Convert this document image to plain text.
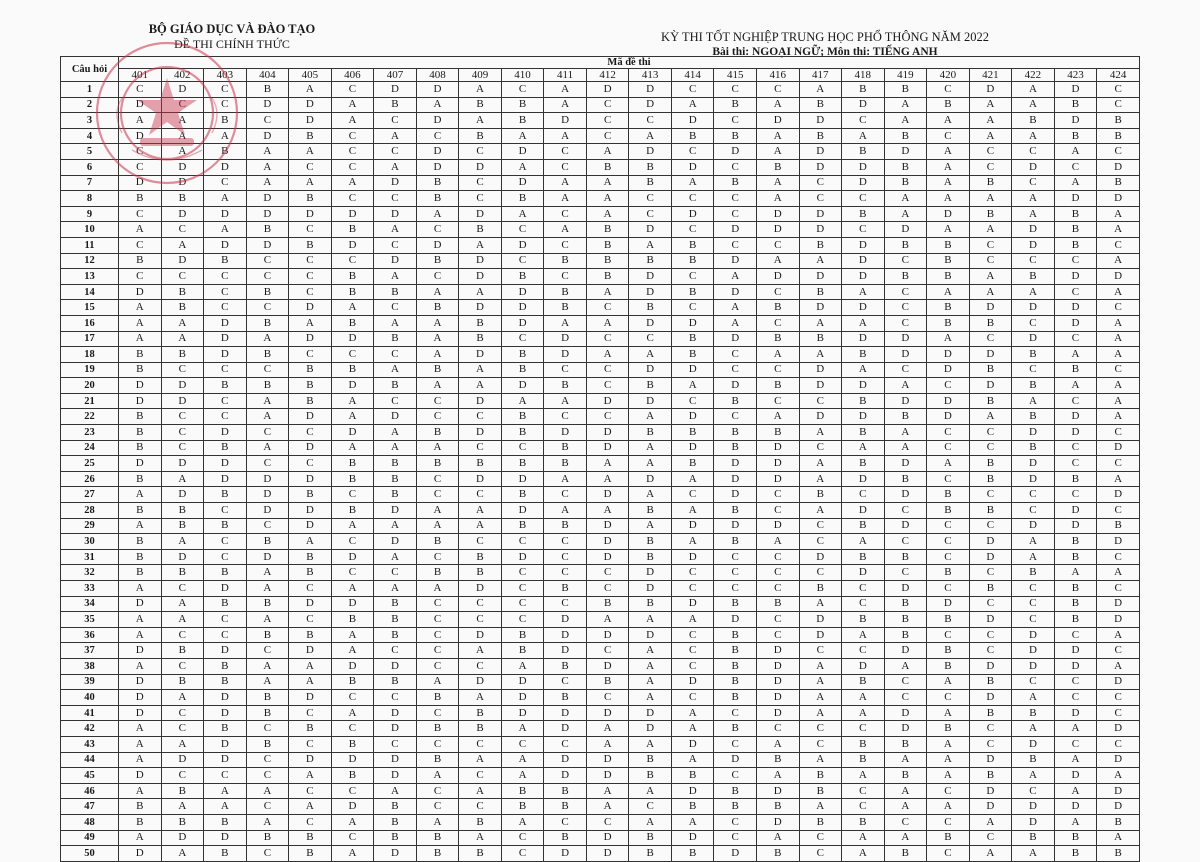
BỘ GIÁO DỤC VÀ ĐÀO TẠO
ĐỀ THI CHÍNH THỨC	KỲ THI TỐT NGHIỆP TRUNG HỌC PHỔ THÔNG NĂM 2022
Bài thi: NGOẠI NGỮ; Môn thi: TIẾNG ANH
Câu hỏi	Mã đề thi																							
	401	402	403	404	405	406	407	408	409	410	411	412	413	414	415	416	417	418	419	420	421	422	423	424
1	C	D	C	B	A	C	D	D	A	C	A	D	D	C	C	C	A	B	B	C	D	A	D	C
2	D	C	C	D	D	A	B	A	B	B	A	C	D	A	B	A	B	D	A	B	A	A	B	C
3	A	A	B	C	D	A	C	D	A	B	D	C	C	D	C	D	D	C	A	A	A	B	D	B
4	D	A	A	D	B	C	A	C	B	A	A	C	A	B	B	A	B	A	B	C	A	A	B	B
5	C	A	B	A	A	C	C	D	C	D	C	A	D	C	D	A	D	B	D	A	C	C	A	C
6	C	D	D	A	C	C	A	D	D	A	C	B	B	D	C	B	D	D	B	A	C	D	C	D
7	D	D	C	A	A	A	D	B	C	D	A	A	B	A	B	A	C	D	B	A	B	C	A	B
8	B	B	A	D	B	C	C	B	C	B	A	A	C	C	C	A	C	C	A	A	A	A	D	D
9	C	D	D	D	D	D	D	A	D	A	C	A	C	D	C	D	D	B	A	D	B	A	B	A
10	A	C	A	B	C	B	A	C	B	C	A	B	D	C	D	D	D	C	D	A	A	D	B	A
11	C	A	D	D	B	D	C	D	A	D	C	B	A	B	C	C	B	D	B	B	C	D	B	C
12	B	D	B	C	C	C	D	B	D	C	B	B	B	B	D	A	A	D	C	B	C	C	C	A
13	C	C	C	C	C	B	A	C	D	B	C	B	D	C	A	D	D	D	B	B	A	B	D	D
14	D	B	C	B	C	B	B	A	A	D	B	A	D	B	D	C	B	A	C	A	A	A	C	A
15	A	B	C	C	D	A	C	B	D	D	B	C	B	C	A	B	D	D	C	B	D	D	D	C
16	A	A	D	B	A	B	A	A	B	D	A	A	D	D	A	C	A	A	C	B	B	C	D	A
17	A	A	D	A	D	D	B	A	B	C	D	C	C	B	D	B	B	D	D	A	C	D	C	A
18	B	B	D	B	C	C	C	A	D	B	D	A	A	B	C	A	A	B	D	D	D	B	A	A
19	B	C	C	C	B	B	A	B	A	B	C	C	D	D	C	C	D	A	C	D	B	C	B	C
20	D	D	B	B	B	D	B	A	A	D	B	C	B	A	D	B	D	D	A	C	D	B	A	A
21	D	D	C	A	B	A	C	C	D	A	A	D	D	C	B	C	C	B	D	D	B	A	C	A
22	B	C	C	A	D	A	D	C	C	B	C	C	A	D	C	A	D	D	B	D	A	B	D	A
23	B	C	D	C	C	D	A	B	D	B	D	D	B	B	B	B	A	B	A	C	C	D	D	C
24	B	C	B	A	D	A	A	A	C	C	B	D	A	D	B	D	C	A	A	C	C	B	C	D
25	D	D	D	C	C	B	B	B	B	B	B	A	A	B	D	D	A	B	D	A	B	D	C	C
26	B	A	D	D	D	B	B	C	D	D	A	A	D	A	D	D	A	D	B	C	B	D	B	A
27	A	D	B	D	B	C	B	C	C	B	C	D	A	C	D	C	B	C	D	B	C	C	C	D
28	B	B	C	D	D	B	D	A	A	D	A	A	B	A	B	C	A	D	C	B	B	C	D	C
29	A	B	B	C	D	A	A	A	A	B	B	D	A	D	D	D	C	B	D	C	C	D	D	B
30	B	A	C	B	A	C	D	B	C	C	C	D	B	A	B	A	C	A	C	C	D	A	B	D
31	B	D	C	D	B	D	A	C	B	D	C	D	B	D	C	C	D	B	B	C	D	A	B	C
32	B	B	B	A	B	C	C	B	B	C	C	C	D	C	C	C	C	D	C	B	C	B	A	A
33	A	C	D	A	C	A	A	A	D	C	B	C	D	C	C	C	B	C	D	C	B	C	B	C
34	D	A	B	B	D	D	B	C	C	C	C	B	B	D	B	B	A	C	B	D	C	C	B	D
35	A	A	C	A	C	B	B	C	C	C	D	A	A	A	D	C	D	B	B	B	D	C	B	D
36	A	C	C	B	B	A	B	C	D	B	D	D	D	C	B	C	D	A	B	C	C	D	C	A
37	D	B	D	C	D	A	C	C	A	B	D	C	A	C	B	D	C	C	D	B	C	D	D	C
38	A	C	B	A	A	D	D	C	C	A	B	D	A	C	B	D	A	D	A	B	D	D	D	A
39	D	B	B	A	A	B	B	A	D	D	C	B	A	D	B	D	A	B	C	A	B	C	C	D
40	D	A	D	B	D	C	C	B	A	D	B	C	A	C	B	D	A	A	C	C	D	A	C	C
41	D	C	D	B	C	A	D	C	B	D	D	D	D	A	C	D	A	A	D	A	B	B	D	C
42	A	C	B	C	B	C	D	B	B	A	D	A	D	A	B	C	C	C	D	B	C	A	A	D
43	A	A	D	B	C	B	C	C	C	C	C	A	A	D	C	A	C	B	B	A	C	D	C	C
44	A	D	D	C	D	D	D	B	A	A	D	D	B	A	D	B	A	B	A	A	D	B	A	D
45	D	C	C	C	A	B	D	A	C	A	D	D	B	B	C	A	B	A	B	A	B	A	D	A
46	A	B	A	A	C	C	A	C	A	B	B	A	A	D	B	D	B	C	A	C	D	C	A	D
47	B	A	A	C	A	D	B	C	C	B	B	A	C	B	B	B	A	C	A	A	D	D	D	D
48	B	B	B	A	C	A	B	A	B	A	C	C	A	A	C	D	B	B	C	C	A	D	A	B
49	A	D	D	B	B	C	B	B	A	C	B	D	B	D	C	A	C	A	A	B	C	B	B	A
50	D	A	B	C	B	A	D	B	B	C	D	D	B	B	D	B	C	A	B	C	A	A	B	B
